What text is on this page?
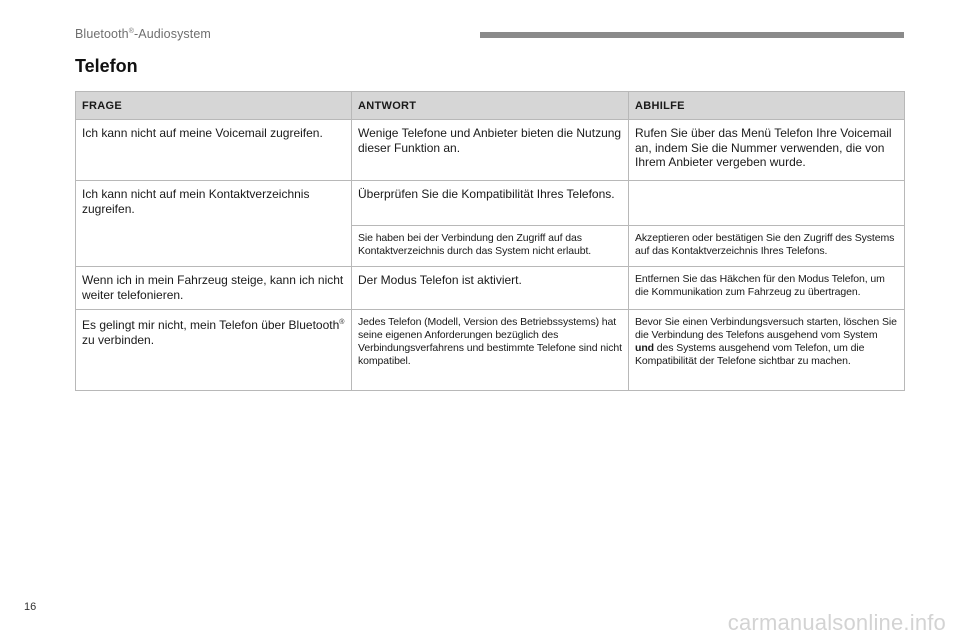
Bluetooth®-Audiosystem
Telefon
FRAGE	ANTWORT	ABHILFE
Ich kann nicht auf meine Voicemail zugreifen.	Wenige Telefone und Anbieter bieten die Nutzung dieser Funktion an.	Rufen Sie über das Menü Telefon Ihre Voicemail an, indem Sie die Nummer verwenden, die von Ihrem Anbieter vergeben wurde.
Ich kann nicht auf mein Kontaktverzeichnis zugreifen.	Überprüfen Sie die Kompatibilität Ihres Telefons.	
	Sie haben bei der Verbindung den Zugriff auf das Kontaktverzeichnis durch das System nicht erlaubt.	Akzeptieren oder bestätigen Sie den Zugriff des Systems auf das Kontaktverzeichnis Ihres Telefons.
Wenn ich in mein Fahrzeug steige, kann ich nicht weiter telefonieren.	Der Modus Telefon ist aktiviert.	Entfernen Sie das Häkchen für den Modus Telefon, um die Kommunikation zum Fahrzeug zu übertragen.
Es gelingt mir nicht, mein Telefon über Bluetooth® zu verbinden.	Jedes Telefon (Modell, Version des Betriebssystems) hat seine eigenen Anforderungen bezüglich des Verbindungsverfahrens und bestimmte Telefone sind nicht kompatibel.	Bevor Sie einen Verbindungsversuch starten, löschen Sie die Verbindung des Telefons ausgehend vom System und des Systems ausgehend vom Telefon, um die Kompatibilität der Telefone sichtbar zu machen.
16
carmanualsonline.info
